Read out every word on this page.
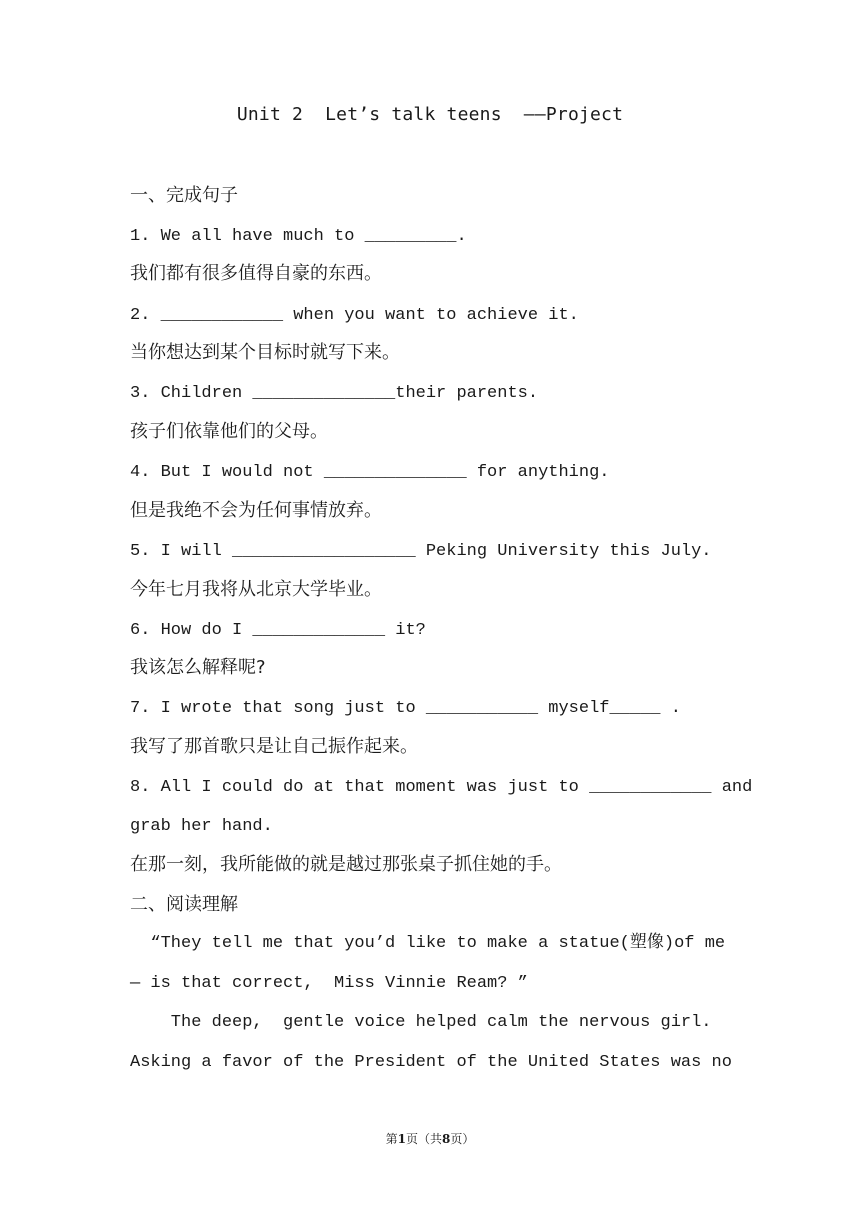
Unit 2  Let’s talk teens  ——Project
一、完成句子
1. We all have much to _________.
我们都有很多值得自豪的东西。
2. ____________ when you want to achieve it.
当你想达到某个目标时就写下来。
3. Children ______________their parents.
孩子们依靠他们的父母。
4. But I would not ______________ for anything.
但是我绝不会为任何事情放弃。
5. I will __________________ Peking University this July.
今年七月我将从北京大学毕业。
6. How do I _____________ it?
我该怎么解释呢?
7. I wrote that song just to ___________ myself_____ .
我写了那首歌只是让自己振作起来。
8. All I could do at that moment was just to ____________ and
grab her hand.
在那一刻，我所能做的就是越过那张桌子抓住她的手。
二、阅读理解
“They tell me that you’d like to make a statue(塑像)of me
— is that correct,  Miss Vinnie Ream? ”
The deep,  gentle voice helped calm the nervous girl.
Asking a favor of the President of the United States was no
第1页（共8页）
